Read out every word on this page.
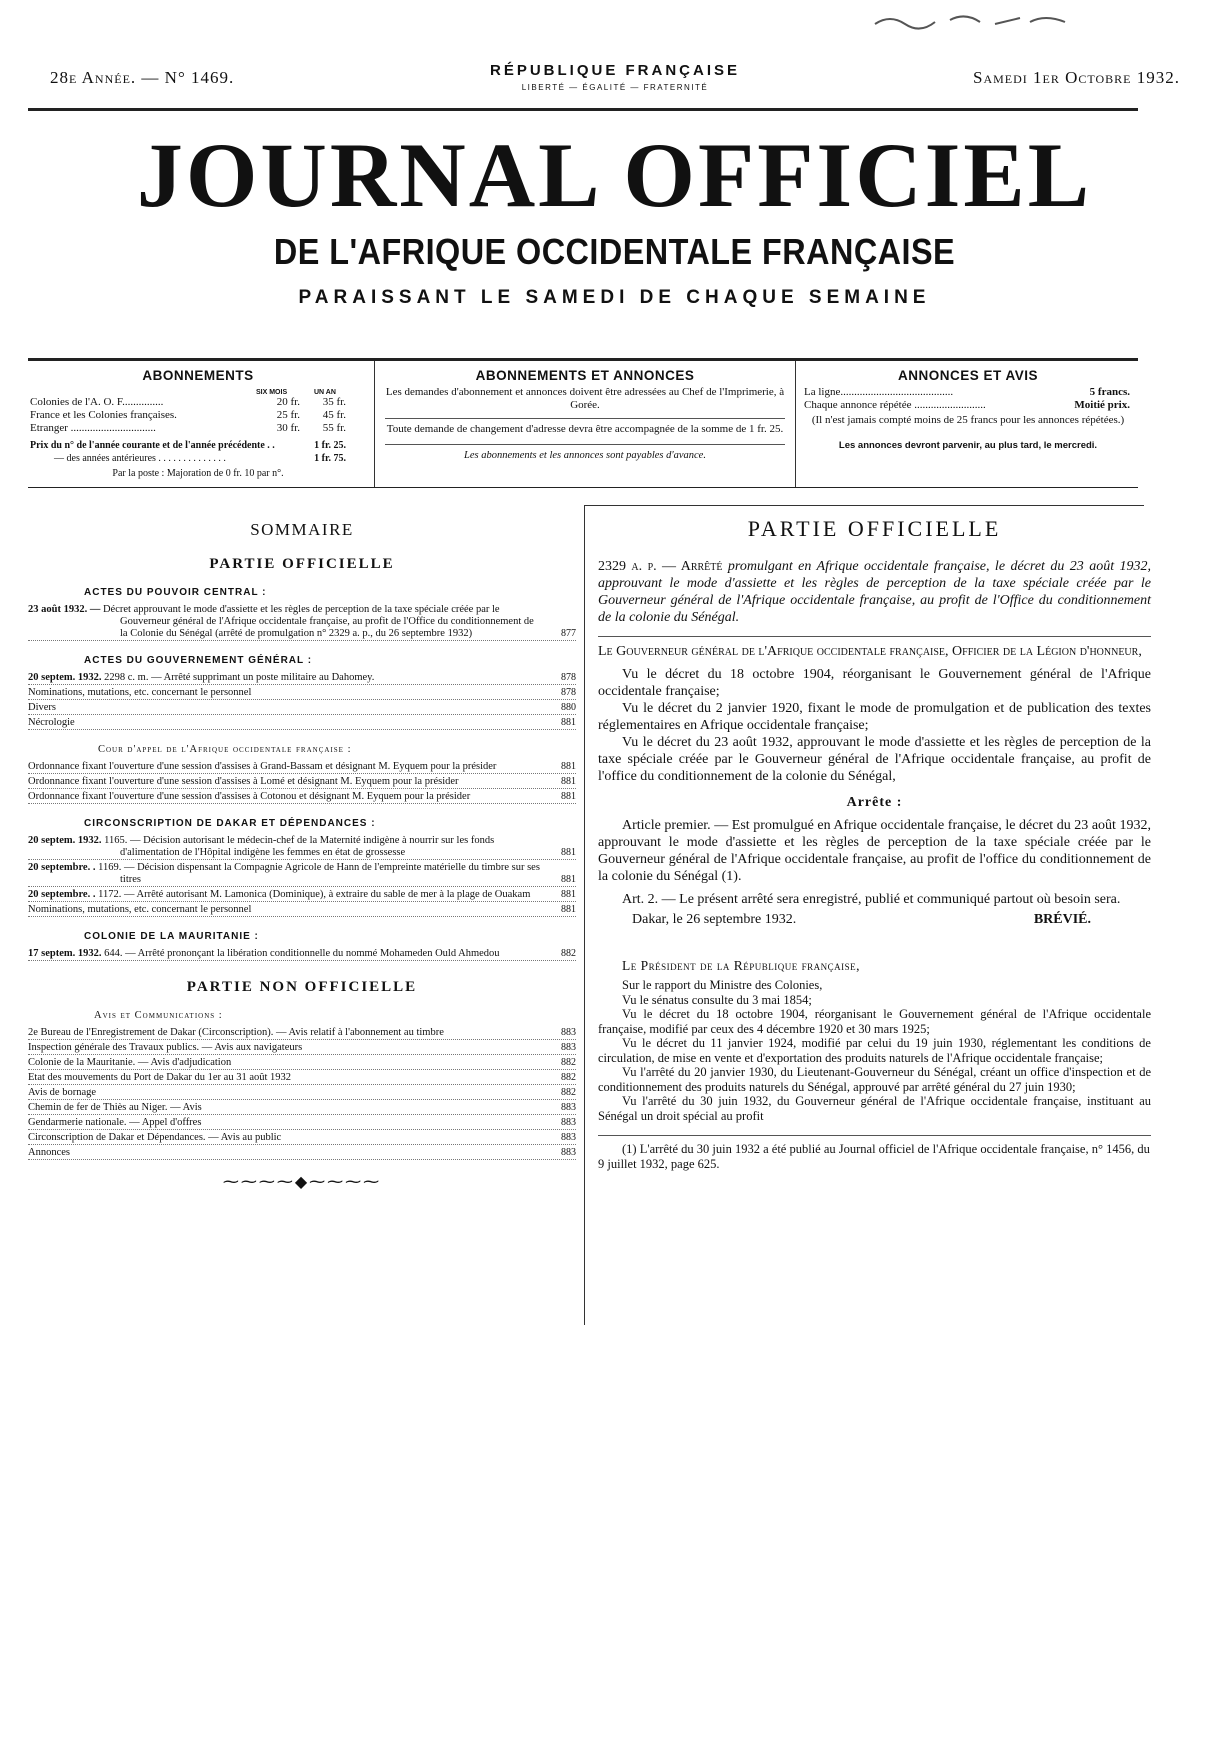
28e Année. — N° 1469.	RÉPUBLIQUE FRANÇAISE
LIBERTÉ — ÉGALITÉ — FRATERNITÉ
Samedi 1er Octobre 1932.
JOURNAL OFFICIEL
DE L'AFRIQUE OCCIDENTALE FRANÇAISE
PARAISSANT LE SAMEDI DE CHAQUE SEMAINE
ABONNEMENTS
SIX MOIS	UN AN
Colonies de l'A. O. F...............	20 fr.	35 fr.
France et les Colonies françaises.	25 fr.	45 fr.
Etranger ...............................	30 fr.	55 fr.
Prix du n° de l'année courante et de l'année précédente . .	1 fr. 25.
— des années antérieures . . . . . . . . . . . . . .	1 fr. 75.
Par la poste : Majoration de 0 fr. 10 par n°.
ABONNEMENTS ET ANNONCES

Les demandes d'abonnement et annonces doivent être adressées au Chef de l'Imprimerie, à Gorée.

Toute demande de changement d'adresse devra être accompagnée de la somme de 1 fr. 25.

Les abonnements et les annonces sont payables d'avance.

ANNONCES ET AVIS
La ligne.........................................	5 francs.
Chaque annonce répétée ..........................	Moitié prix.
(Il n'est jamais compté moins de 25 francs pour les annonces répétées.)
Les annonces devront parvenir, au plus tard, le mercredi.
SOMMAIRE
PARTIE OFFICIELLE
ACTES DU POUVOIR CENTRAL :
23 août 1932. — Décret approuvant le mode d'assiette et les règles de perception de la taxe spéciale créée par le Gouverneur général de l'Afrique occidentale française, au profit de l'Office du conditionnement de la Colonie du Sénégal (arrêté de promulgation n° 2329 a. p., du 26 septembre 1932)	877
ACTES DU GOUVERNEMENT GÉNÉRAL :
20 septem. 1932. 2298 c. m. — Arrêté supprimant un poste militaire au Dahomey.	878
Nominations, mutations, etc. concernant le personnel	878
Divers	880
Nécrologie	881
Cour d'appel de l'Afrique occidentale française :
Ordonnance fixant l'ouverture d'une session d'assises à Grand-Bassam et désignant M. Eyquem pour la présider	881
Ordonnance fixant l'ouverture d'une session d'assises à Lomé et désignant M. Eyquem pour la présider	881
Ordonnance fixant l'ouverture d'une session d'assises à Cotonou et désignant M. Eyquem pour la présider	881
CIRCONSCRIPTION DE DAKAR ET DÉPENDANCES :
20 septem. 1932. 1165. — Décision autorisant le médecin-chef de la Maternité indigène à nourrir sur les fonds d'alimentation de l'Hôpital indigène les femmes en état de grossesse	881
20 septembre. . 1169. — Décision dispensant la Compagnie Agricole de Hann de l'empreinte matérielle du timbre sur ses titres	881
20 septembre. . 1172. — Arrêté autorisant M. Lamonica (Dominique), à extraire du sable de mer à la plage de Ouakam	881
Nominations, mutations, etc. concernant le personnel	881
COLONIE DE LA MAURITANIE :
17 septem. 1932. 644. — Arrêté prononçant la libération conditionnelle du nommé Mohameden Ould Ahmedou	882
PARTIE NON OFFICIELLE
Avis et Communications :
2e Bureau de l'Enregistrement de Dakar (Circonscription). — Avis relatif à l'abonnement au timbre	883
Inspection générale des Travaux publics. — Avis aux navigateurs	883
Colonie de la Mauritanie. — Avis d'adjudication	882
Etat des mouvements du Port de Dakar du 1er au 31 août 1932	882
Avis de bornage	882
Chemin de fer de Thiès au Niger. — Avis	883
Gendarmerie nationale. — Appel d'offres	883
Circonscription de Dakar et Dépendances. — Avis au public	883
Annonces	883
⁓⁓⁓⁓◆⁓⁓⁓⁓
PARTIE OFFICIELLE
2329 a. p. — Arrêté promulgant en Afrique occidentale française, le décret du 23 août 1932, approuvant le mode d'assiette et les règles de perception de la taxe spéciale créée par le Gouverneur général de l'Afrique occidentale française, au profit de l'Office du conditionnement de la colonie du Sénégal.
Le Gouverneur général de l'Afrique occidentale française, Officier de la Légion d'honneur,
Vu le décret du 18 octobre 1904, réorganisant le Gouvernement général de l'Afrique occidentale française;
Vu le décret du 2 janvier 1920, fixant le mode de promulgation et de publication des textes réglementaires en Afrique occidentale française;
Vu le décret du 23 août 1932, approuvant le mode d'assiette et les règles de perception de la taxe spéciale créée par le Gouverneur général de l'Afrique occidentale française, au profit de l'office du conditionnement de la colonie du Sénégal,
Arrête :
Article premier. — Est promulgué en Afrique occidentale française, le décret du 23 août 1932, approuvant le mode d'assiette et les règles de perception de la taxe spéciale créée par le Gouverneur général de l'Afrique occidentale française, au profit de l'office du conditionnement de la colonie du Sénégal (1).
Art. 2. — Le présent arrêté sera enregistré, publié et communiqué partout où besoin sera.
Dakar, le 26 septembre 1932.	BRÉVIÉ.
Le Président de la République française,
Sur le rapport du Ministre des Colonies,
Vu le sénatus consulte du 3 mai 1854;
Vu le décret du 18 octobre 1904, réorganisant le Gouvernement général de l'Afrique occidentale française, modifié par ceux des 4 décembre 1920 et 30 mars 1925;
Vu le décret du 11 janvier 1924, modifié par celui du 19 juin 1930, réglementant les conditions de circulation, de mise en vente et d'exportation des produits naturels de l'Afrique occidentale française;
Vu l'arrêté du 20 janvier 1930, du Lieutenant-Gouverneur du Sénégal, créant un office d'inspection et de conditionnement des produits naturels du Sénégal, approuvé par arrêté général du 27 juin 1930;
Vu l'arrêté du 30 juin 1932, du Gouverneur général de l'Afrique occidentale française, instituant au Sénégal un droit spécial au profit
(1) L'arrêté du 30 juin 1932 a été publié au Journal officiel de l'Afrique occidentale française, n° 1456, du 9 juillet 1932, page 625.
